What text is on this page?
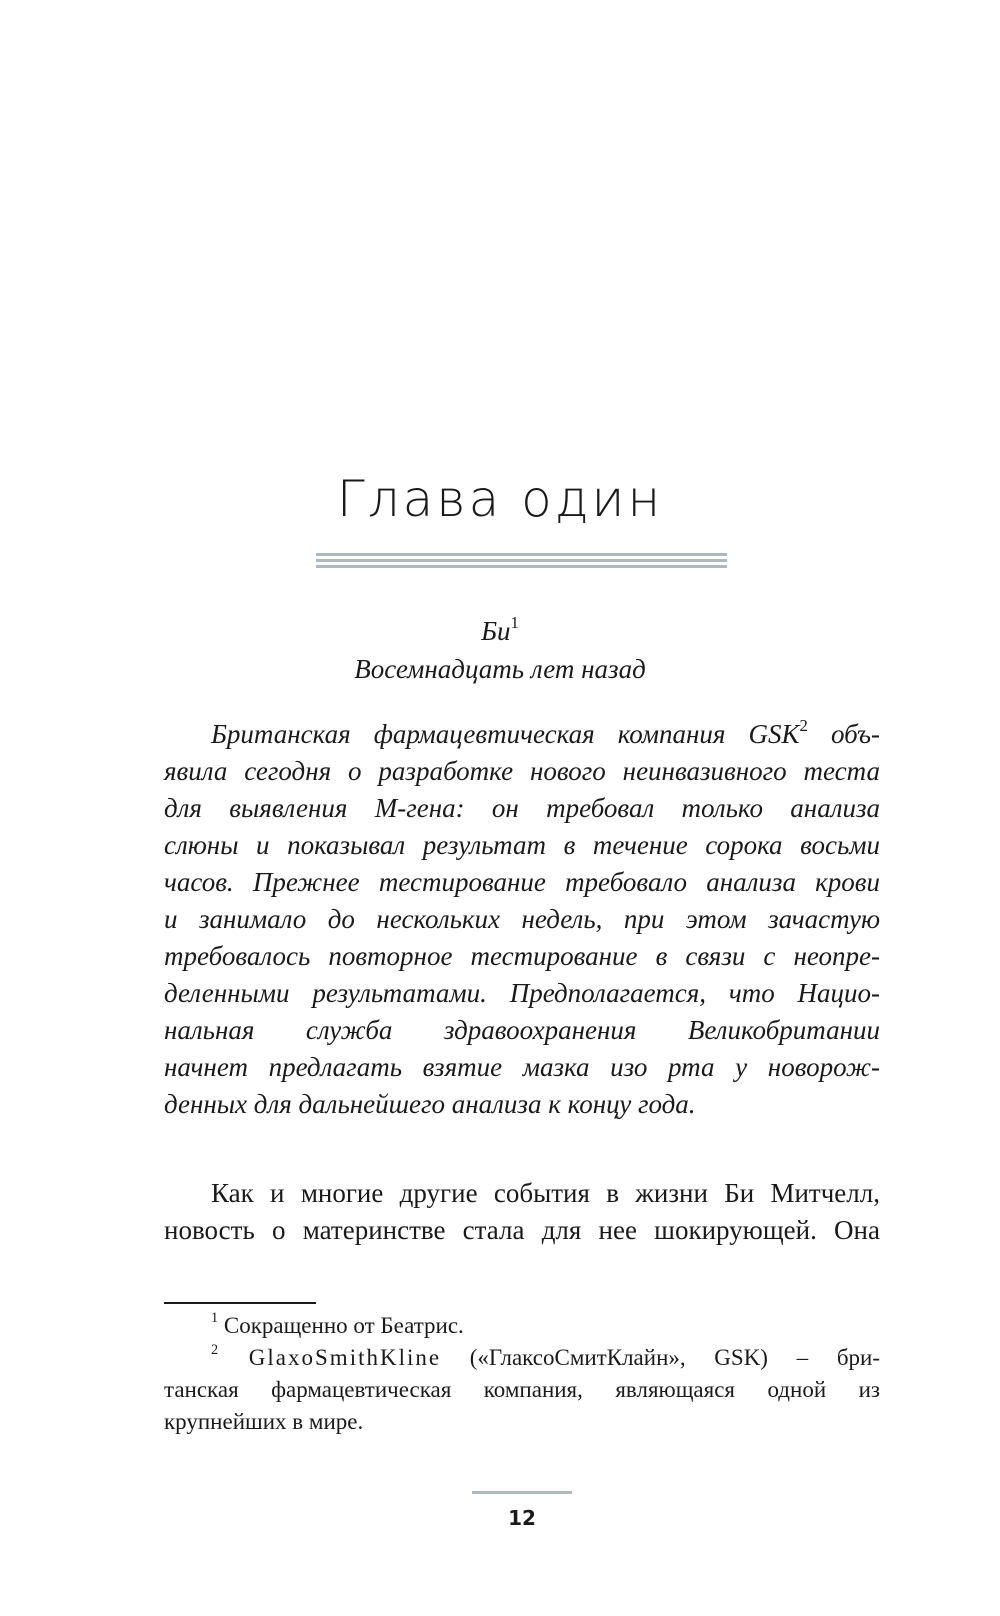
Глава один
$Би^1$
Восемнадцать лет назад
Британская фармацевтическая компания GSK$^2$ объ-
явила сегодня о разработке нового неинвазивного теста
для выявления М-гена: он требовал только анализа
слюны и показывал результат в течение сорока восьми
часов. Прежнее тестирование требовало анализа крови
и занимало до нескольких недель, при этом зачастую
требовалось повторное тестирование в связи с неопре-
деленными результатами. Предполагается, что Нацио-
нальная служба здравоохранения Великобритании
начнет предлагать взятие мазка изо рта у новорож-
денных для дальнейшего анализа к концу года.
Как и многие другие события в жизни Би Митчелл,
новость о материнстве стала для нее шокирующей. Она
$^1$ Сокращенно от Беатрис.
$^2$ GlaxoSmithKline («ГлаксоСмитКлайн», GSK) – бри-
танская фармацевтическая компания, являющаяся одной из
крупнейших в мире.
12
